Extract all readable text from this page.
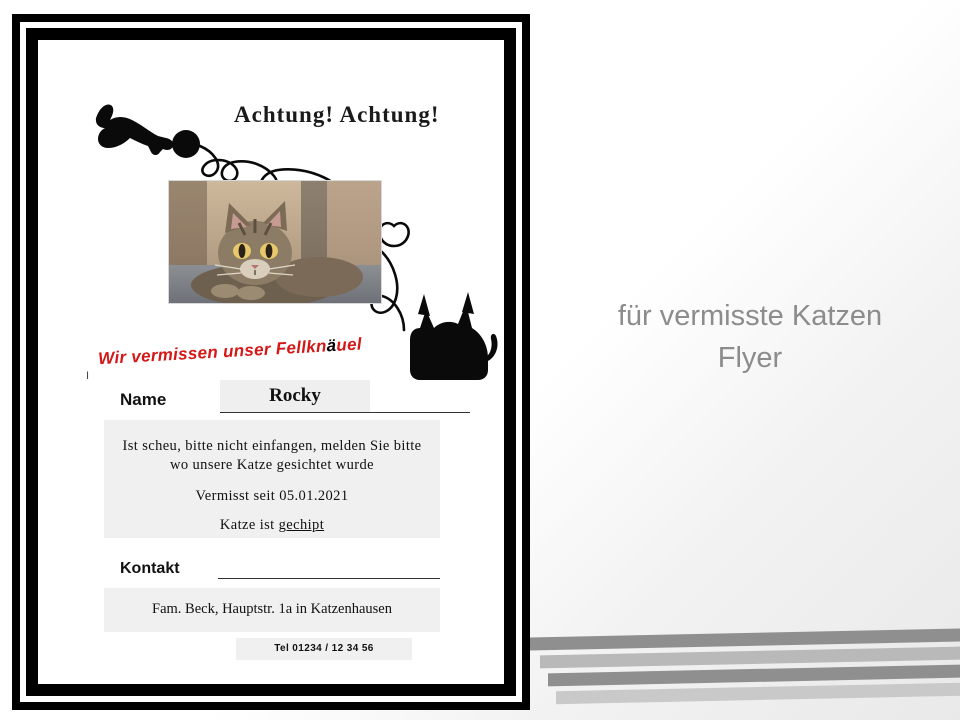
für vermisste Katzen
Flyer
Achtung! Achtung!
I
Wir vermissen unser Fellknäuel
Name	Rocky

Ist scheu, bitte nicht einfangen, melden Sie bitte

wo unsere Katze gesichtet wurde

Vermisst seit 05.01.2021

Katze ist gechipt

Kontakt
Fam. Beck, Hauptstr. 1a in Katzenhausen
Tel 01234 / 12 34 56
